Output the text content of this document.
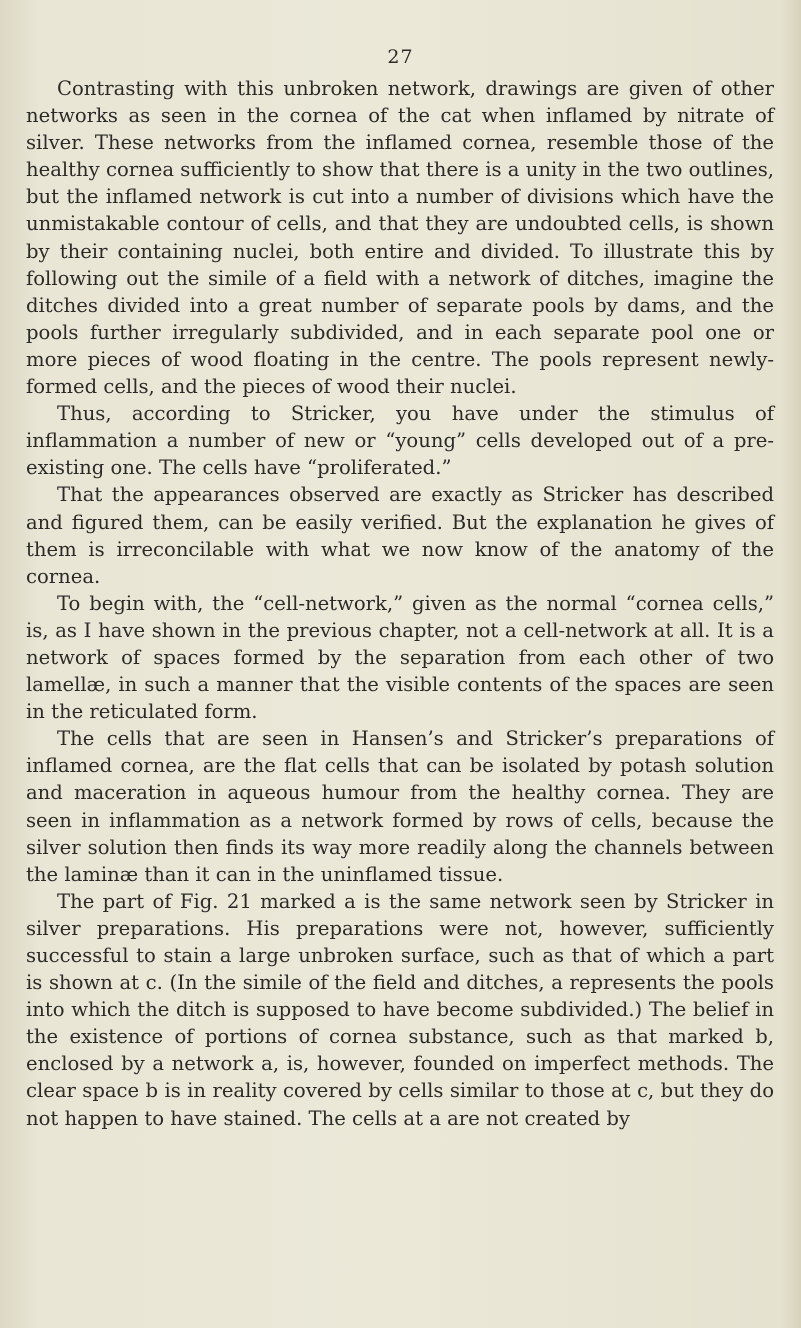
27

Contrasting with this unbroken network, drawings are given of other networks as seen in the cornea of the cat when inflamed by nitrate of silver. These networks from the inflamed cornea, resemble those of the healthy cornea sufficiently to show that there is a unity in the two outlines, but the inflamed network is cut into a number of divisions which have the unmistakable contour of cells, and that they are undoubted cells, is shown by their containing nuclei, both entire and divided. To illustrate this by following out the simile of a field with a network of ditches, imagine the ditches divided into a great number of separate pools by dams, and the pools further irregularly subdivided, and in each separate pool one or more pieces of wood floating in the centre. The pools represent newly-formed cells, and the pieces of wood their nuclei.

Thus, according to Stricker, you have under the stimulus of inflammation a number of new or “young” cells developed out of a pre-existing one. The cells have “proliferated.”

That the appearances observed are exactly as Stricker has described and figured them, can be easily verified. But the explanation he gives of them is irreconcilable with what we now know of the anatomy of the cornea.

To begin with, the “cell-network,” given as the normal “cornea cells,” is, as I have shown in the previous chapter, not a cell-network at all. It is a network of spaces formed by the separation from each other of two lamellæ, in such a manner that the visible contents of the spaces are seen in the reticulated form.

The cells that are seen in Hansen’s and Stricker’s preparations of inflamed cornea, are the flat cells that can be isolated by potash solution and maceration in aqueous humour from the healthy cornea. They are seen in inflammation as a network formed by rows of cells, because the silver solution then finds its way more readily along the channels between the laminæ than it can in the uninflamed tissue.

The part of Fig. 21 marked a is the same network seen by Stricker in silver preparations. His preparations were not, however, sufficiently successful to stain a large unbroken surface, such as that of which a part is shown at c. (In the simile of the field and ditches, a represents the pools into which the ditch is supposed to have become subdivided.) The belief in the existence of portions of cornea substance, such as that marked b, enclosed by a network a, is, however, founded on imperfect methods. The clear space b is in reality covered by cells similar to those at c, but they do not happen to have stained. The cells at a are not created by
